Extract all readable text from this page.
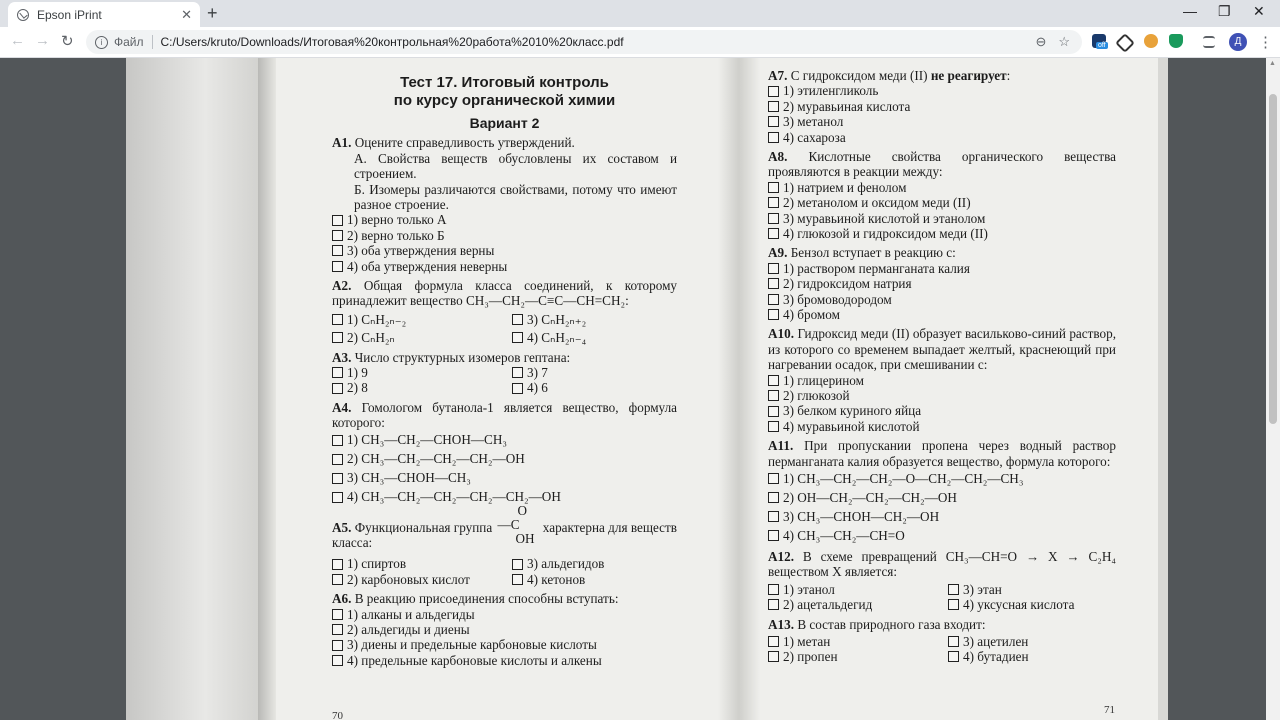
Epson iPrint	✕ +	— ❐ ✕
← → ↻	i Файл	C:/Users/kruto/Downloads/Итоговая%20контрольная%20работа%2010%20класс.pdf	⊖ ☆	off	Д	⋮
Тест 17. Итоговый контроль
по курсу органической химии
Вариант 2
А1. Оцените справедливость утверждений.
А. Свойства веществ обусловлены их составом и строением.
Б. Изомеры различаются свойствами, потому что имеют разное строение.
1) верно только А
2) верно только Б
3) оба утверждения верны
4) оба утверждения неверны
А2. Общая формула класса соединений, к которому принадлежит вещество CH₃—CH₂—C≡C—CH=CH₂:
1) CₙH₂ₙ₋₂	3) CₙH₂ₙ₊₂
2) CₙH₂ₙ	4) CₙH₂ₙ₋₄
А3. Число структурных изомеров гептана:
1) 9	3) 7
2) 8	4) 6
А4. Гомологом бутанола-1 является вещество, формула которого:
1) CH₃—CH₂—CHOH—CH₃
2) CH₃—CH₂—CH₂—CH₂—OH
3) CH₃—CHOH—CH₃
4) CH₃—CH₂—CH₂—CH₂—CH₂—OH
А5. Функциональная группа
O
—C
OH
характерна для веществ класса:
1) спиртов	3) альдегидов
2) карбоновых кислот	4) кетонов
А6. В реакцию присоединения способны вступать:
1) алканы и альдегиды
2) альдегиды и диены
3) диены и предельные карбоновые кислоты
4) предельные карбоновые кислоты и алкены
70
А7. С гидроксидом меди (II) не реагирует:
1) этиленгликоль
2) муравьиная кислота
3) метанол
4) сахароза
А8. Кислотные свойства органического вещества проявляются в реакции между:
1) натрием и фенолом
2) метанолом и оксидом меди (II)
3) муравьиной кислотой и этанолом
4) глюкозой и гидроксидом меди (II)
А9. Бензол вступает в реакцию с:
1) раствором перманганата калия
2) гидроксидом натрия
3) бромоводородом
4) бромом
А10. Гидроксид меди (II) образует васильково-синий раствор, из которого со временем выпадает желтый, краснеющий при нагревании осадок, при смешивании с:
1) глицерином
2) глюкозой
3) белком куриного яйца
4) муравьиной кислотой
А11. При пропускании пропена через водный раствор перманганата калия образуется вещество, формула которого:
1) CH₃—CH₂—CH₂—O—CH₂—CH₂—CH₃
2) OH—CH₂—CH₂—CH₂—OH
3) CH₃—CHOH—CH₂—OH
4) CH₃—CH₂—CH=O
А12. В схеме превращений CH₃—CH=O → X → C₂H₄ веществом X является:
1) этанол	3) этан
2) ацетальдегид	4) уксусная кислота
А13. В состав природного газа входит:
1) метан	3) ацетилен
2) пропен	4) бутадиен
71
▲
